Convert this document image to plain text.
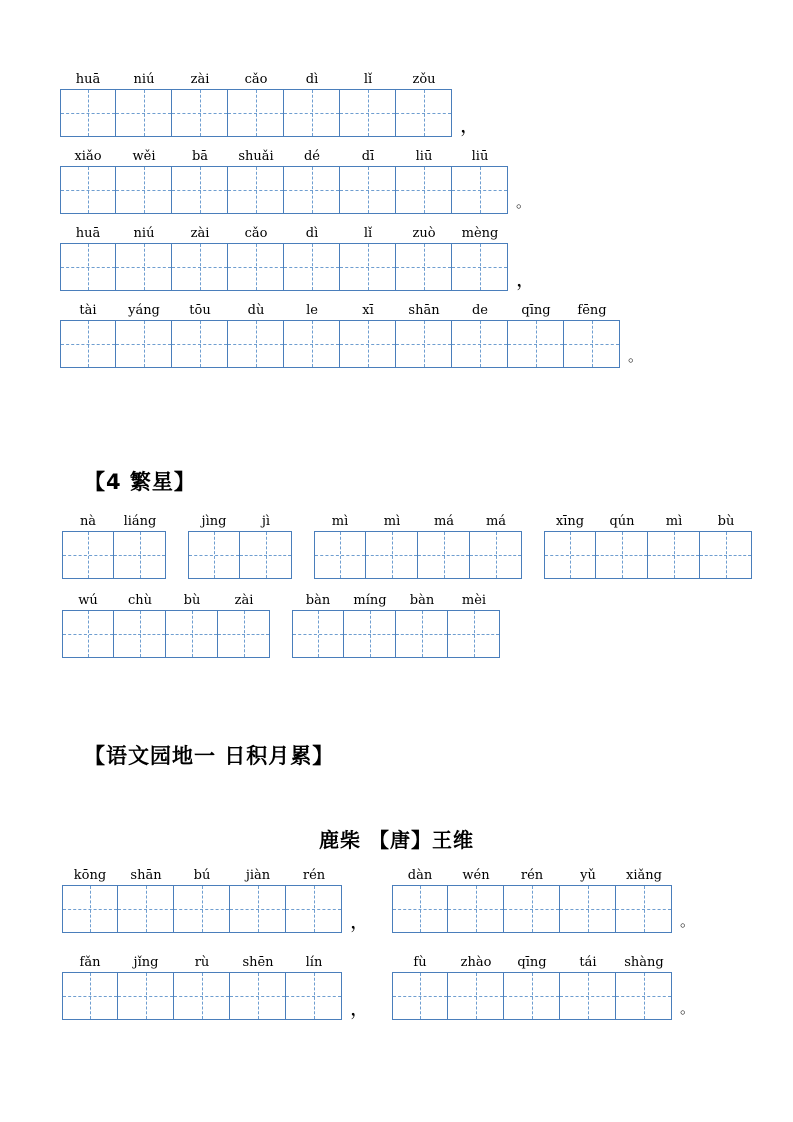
huā	niú	zài	cǎo	dì	lǐ	zǒu
，
xiǎo wěi	bā shuǎi dé	dī	liū	liū
。
huā	niú	zài	cǎo	dì	lǐ	zuò mèng
，
tài yáng tōu	dù	le	xī	shān de	qīng fēng
。
【4 繁星】
nà liáng	jìng	jì	mì	mì	má má	xīng qún mì	bù
wú chù bù	zài	bàn míng bàn mèi
【语文园地一 日积月累】
鹿柴 【唐】王维
kōng shān bú	jiàn	rén
，
dàn wén rén	yǔ xiǎng
。
fǎn	jǐng	rù	shēn lín
，
fù	zhào qīng	tái shàng
。
